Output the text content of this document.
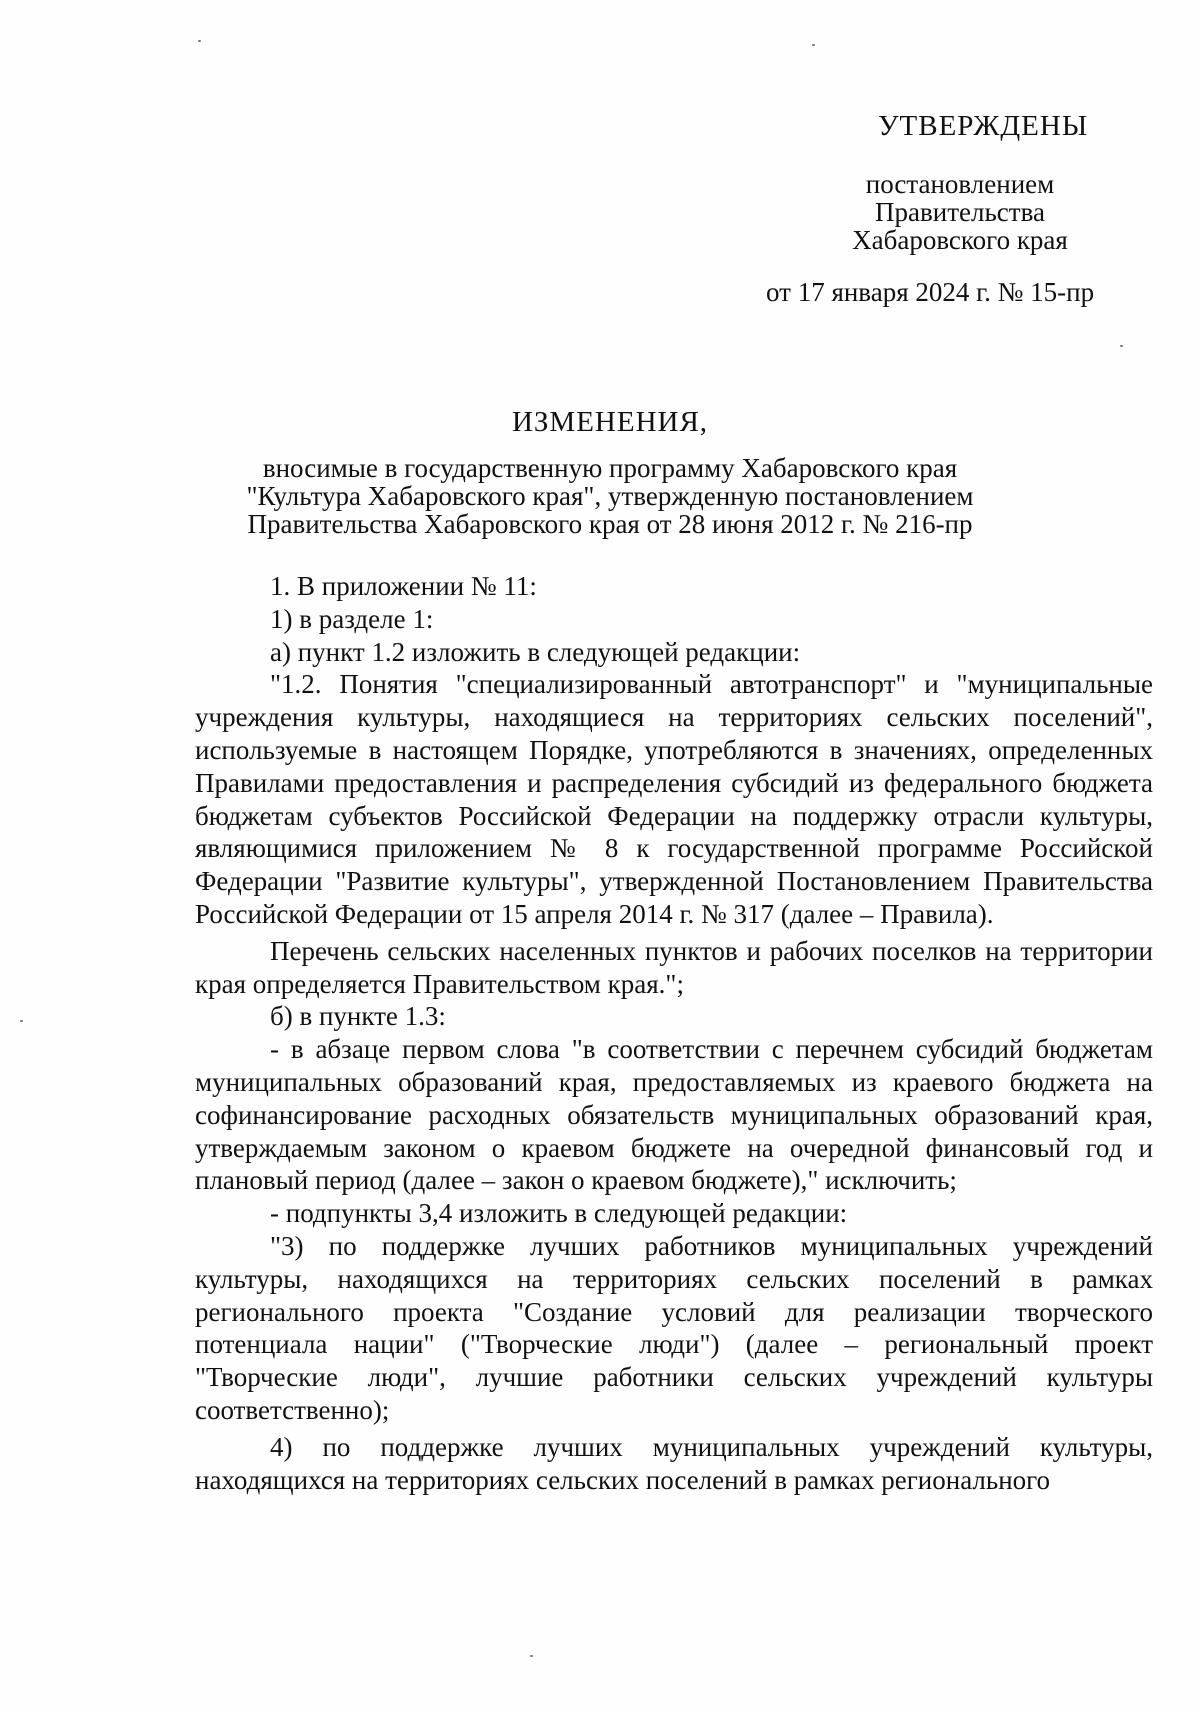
УТВЕРЖДЕНЫ
постановлением
Правительства
Хабаровского края
от 17 января 2024 г. № 15-пр
ИЗМЕНЕНИЯ,
вносимые в государственную программу Хабаровского края
"Культура Хабаровского края", утвержденную постановлением
Правительства Хабаровского края от 28 июня 2012 г. № 216-пр

1. В приложении № 11:

1) в разделе 1:

а) пункт 1.2 изложить в следующей редакции:

"1.2. Понятия "специализированный автотранспорт" и "муниципальные учреждения культуры, находящиеся на территориях сельских поселений", используемые в настоящем Порядке, употребляются в значениях, определенных Правилами предоставления и распределения субсидий из федерального бюджета бюджетам субъектов Российской Федерации на поддержку отрасли культуры, являющимися приложением № 8 к государственной программе Российской Федерации "Развитие культуры", утвержденной Постановлением Правительства Российской Федерации от 15 апреля 2014 г. № 317 (далее – Правила).

Перечень сельских населенных пунктов и рабочих поселков на территории края определяется Правительством края.";

б) в пункте 1.3:

- в абзаце первом слова "в соответствии с перечнем субсидий бюджетам муниципальных образований края, предоставляемых из краевого бюджета на софинансирование расходных обязательств муниципальных образований края, утверждаемым законом о краевом бюджете на очередной финансовый год и плановый период (далее – закон о краевом бюджете)," исключить;

- подпункты 3,4 изложить в следующей редакции:

"3) по поддержке лучших работников муниципальных учреждений культуры, находящихся на территориях сельских поселений в рамках регионального проекта "Создание условий для реализации творческого потенциала нации" ("Творческие люди") (далее – региональный проект "Творческие люди", лучшие работники сельских учреждений культуры соответственно);

4) по поддержке лучших муниципальных учреждений культуры, находящихся на территориях сельских поселений в рамках регионального
